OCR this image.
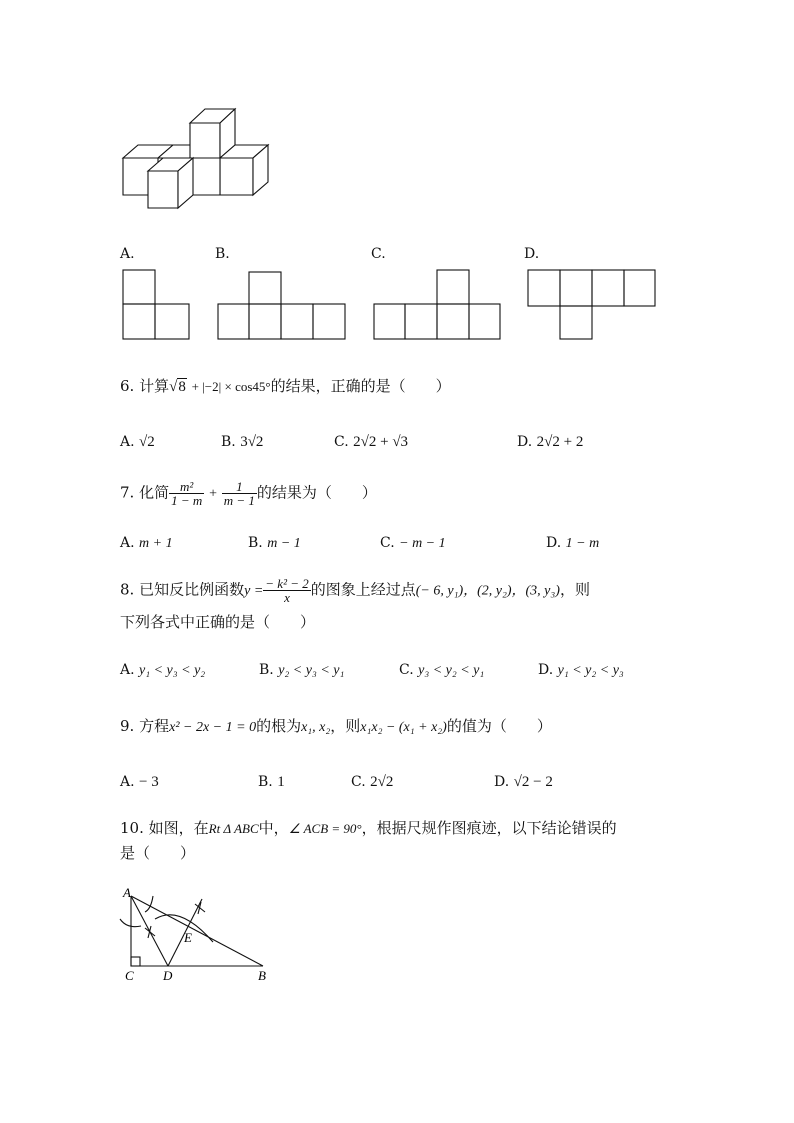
A.	B.	C.	D.
6. 计算√8 + |−2| × cos45°的结果，正确的是（　　）
A. √2	B. 3√2	C. 2√2 + √3	D. 2√2 + 2
7. 化简 $\frac{\text{m²}}{1 - m} + \frac{1}{m - 1}$ 的结果为（　　）
A. m + 1	B. m − 1	C. − m − 1	D. 1 − m
8. 已知反比例函数$y = \frac{\text{− k² − 2}}{x}$ 的图象上经过点(− 6, y₁)，(2, y₂)，(3, y₃)，则
下列各式中正确的是（　　）
A. y₁ < y₃ < y₂	B. y₂ < y₃ < y₁	C. y₃ < y₂ < y₁	D. y₁ < y₂ < y₃
9. 方程x² − 2x − 1 = 0的根为x₁, x₂，则x₁x₂ − (x₁ + x₂)的值为（　　）
A. − 3	B. 1	C. 2√2	D. √2 − 2
10. 如图，在Rt Δ ABC中，∠ ACB = 90°，根据尺规作图痕迹，以下结论错误的
是（　　）
A
C D	B
E
